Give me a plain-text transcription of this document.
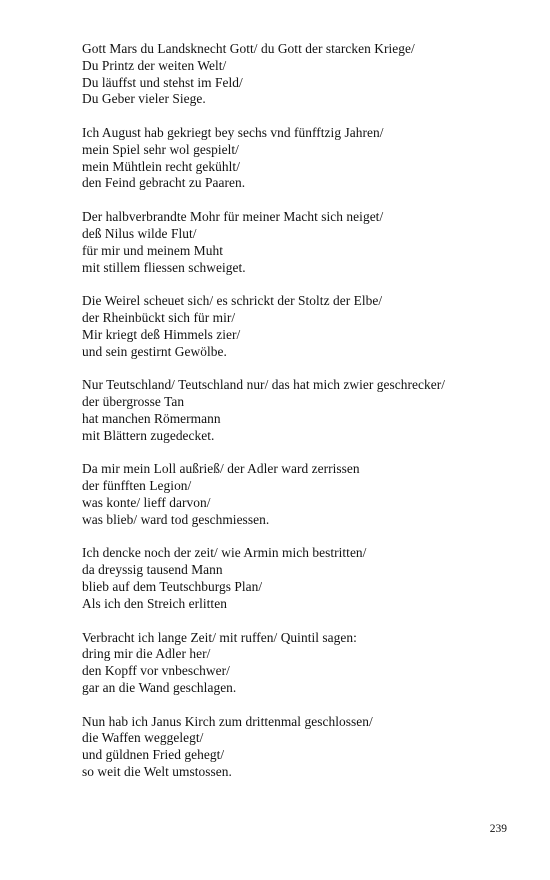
Gott Mars du Landsknecht Gott/ du Gott der starcken Kriege/
Du Printz der weiten Welt/
Du läuffst und stehst im Feld/
Du Geber vieler Siege.
Ich August hab gekriegt bey sechs vnd fünfftzig Jahren/
mein Spiel sehr wol gespielt/
mein Mühtlein recht gekühlt/
den Feind gebracht zu Paaren.
Der halbverbrandte Mohr für meiner Macht sich neiget/
deß Nilus wilde Flut/
für mir und meinem Muht
mit stillem fliessen schweiget.
Die Weirel scheuet sich/ es schrickt der Stoltz der Elbe/
der Rheinbückt sich für mir/
Mir kriegt deß Himmels zier/
und sein gestirnt Gewölbe.
Nur Teutschland/ Teutschland nur/ das hat mich zwier geschrecker/
der übergrosse Tan
hat manchen Römermann
mit Blättern zugedecket.
Da mir mein Loll außrieß/ der Adler ward zerrissen
der fünfften Legion/
was konte/ lieff darvon/
was blieb/ ward tod geschmiessen.
Ich dencke noch der zeit/ wie Armin mich bestritten/
da dreyssig tausend Mann
blieb auf dem Teutschburgs Plan/
Als ich den Streich erlitten
Verbracht ich lange Zeit/ mit ruffen/ Quintil sagen:
dring mir die Adler her/
den Kopff vor vnbeschwer/
gar an die Wand geschlagen.
Nun hab ich Janus Kirch zum drittenmal geschlossen/
die Waffen weggelegt/
und güldnen Fried gehegt/
so weit die Welt umstossen.
239
